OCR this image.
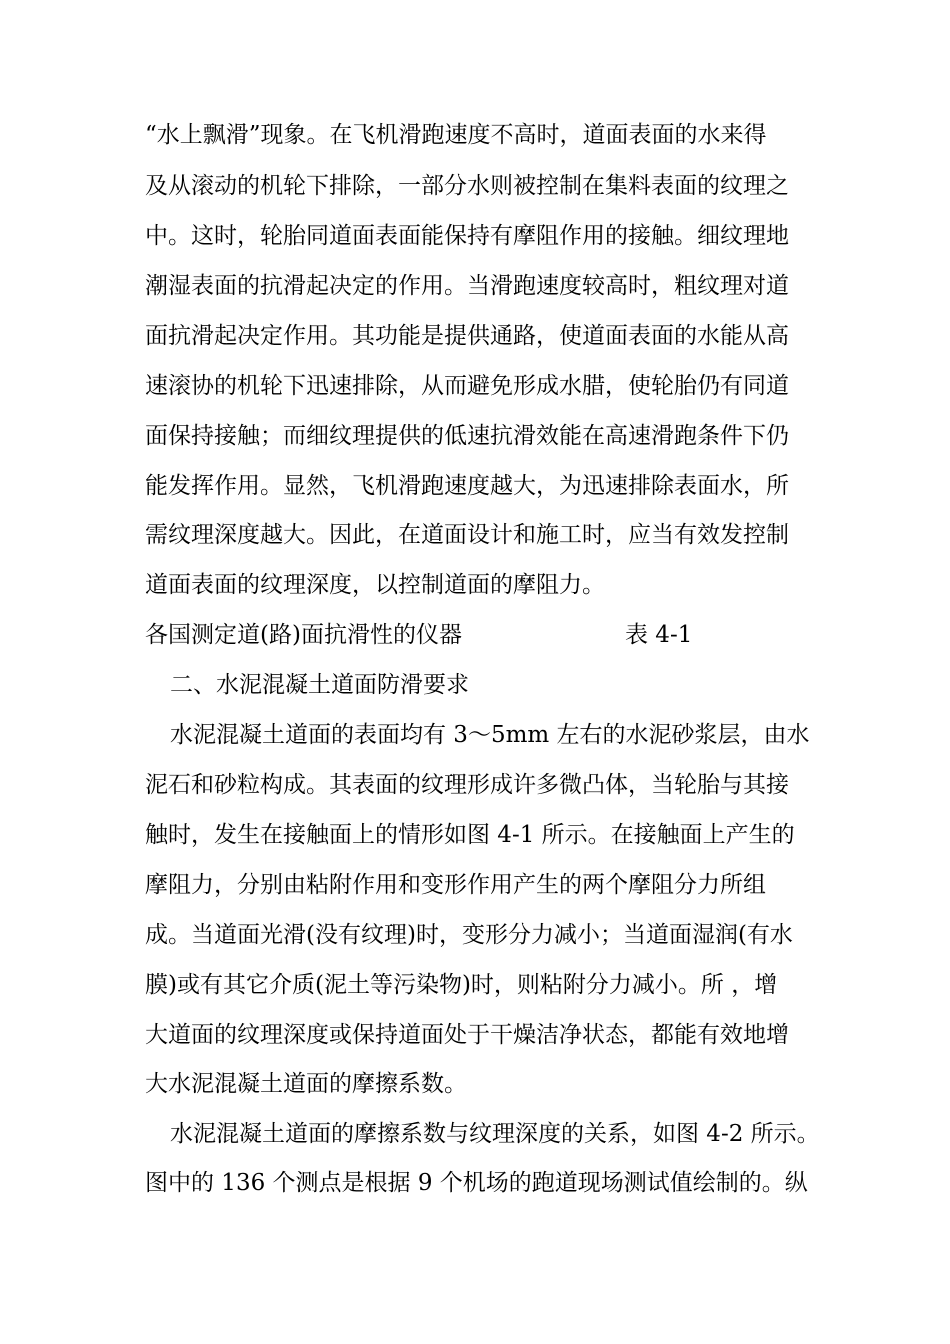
“水上飘滑”现象。在飞机滑跑速度不高时，道面表面的水来得
及从滚动的机轮下排除，一部分水则被控制在集料表面的纹理之
中。这时，轮胎同道面表面能保持有摩阻作用的接触。细纹理地
潮湿表面的抗滑起决定的作用。当滑跑速度较高时，粗纹理对道
面抗滑起决定作用。其功能是提供通路，使道面表面的水能从高
速滚协的机轮下迅速排除，从而避免形成水腊，使轮胎仍有同道
面保持接触；而细纹理提供的低速抗滑效能在高速滑跑条件下仍
能发挥作用。显然，飞机滑跑速度越大，为迅速排除表面水，所
需纹理深度越大。因此，在道面设计和施工时，应当有效发控制
道面表面的纹理深度，以控制道面的摩阻力。
各国测定道(路)面抗滑性的仪器	表 4-1
二、水泥混凝土道面防滑要求
水泥混凝土道面的表面均有 3～5mm 左右的水泥砂浆层，由水
泥石和砂粒构成。其表面的纹理形成许多微凸体，当轮胎与其接
触时，发生在接触面上的情形如图 4-1 所示。在接触面上产生的
摩阻力，分别由粘附作用和变形作用产生的两个摩阻分力所组
成。当道面光滑(没有纹理)时，变形分力减小；当道面湿润(有水
膜)或有其它介质(泥土等污染物)时，则粘附分力减小。所 ，增
大道面的纹理深度或保持道面处于干燥洁净状态，都能有效地增
大水泥混凝土道面的摩擦系数。
水泥混凝土道面的摩擦系数与纹理深度的关系，如图 4-2 所示。
图中的 136 个测点是根据 9 个机场的跑道现场测试值绘制的。纵
